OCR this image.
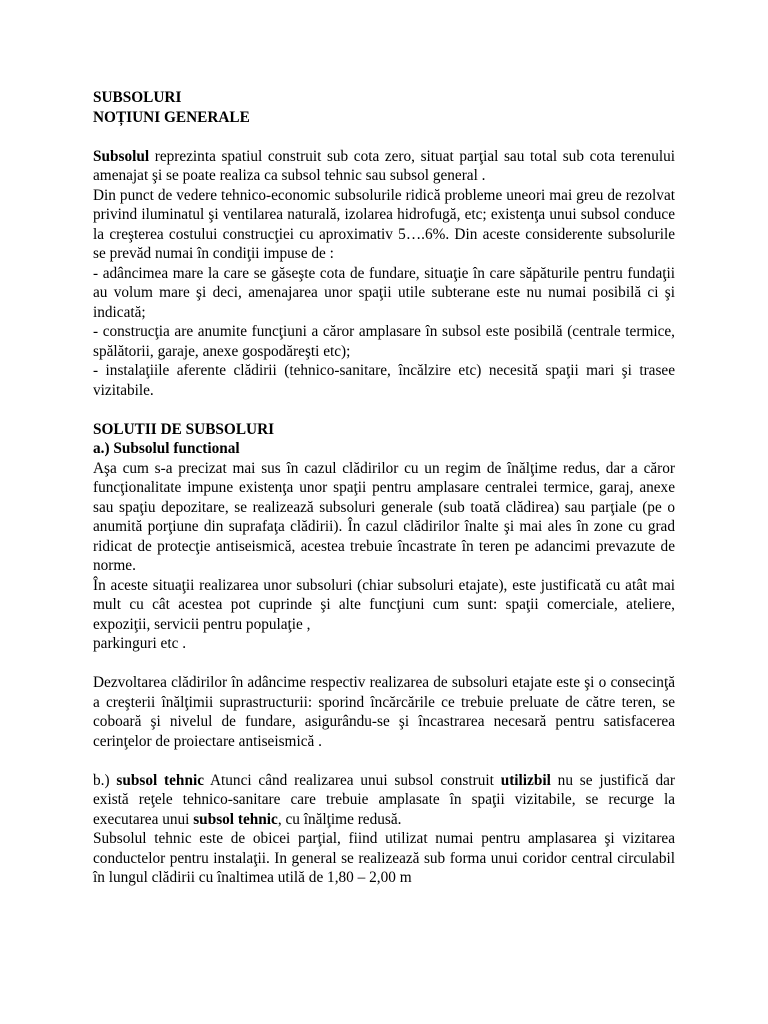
SUBSOLURI

NOȚIUNI GENERALE

Subsolul reprezinta spatiul construit sub cota zero, situat parţial sau total sub cota terenului amenajat şi se poate realiza ca subsol tehnic sau subsol general .

Din punct de vedere tehnico-economic subsolurile ridică probleme uneori mai greu de rezolvat privind iluminatul şi ventilarea naturală, izolarea hidrofugă, etc; existenţa unui subsol conduce la creşterea costului construcţiei cu aproximativ 5….6%. Din aceste considerente subsolurile se prevăd numai în condiţii impuse de :

- adâncimea mare la care se găseşte cota de fundare, situaţie în care săpăturile pentru fundaţii au volum mare şi deci, amenajarea unor spaţii utile subterane este nu numai posibilă ci şi indicată;

- construcţia are anumite funcţiuni a căror amplasare în subsol este posibilă (centrale termice, spălătorii, garaje, anexe gospodăreşti etc);

- instalaţiile aferente clădirii (tehnico-sanitare, încălzire etc) necesită spaţii mari şi trasee vizitabile.

SOLUTII DE SUBSOLURI

a.) Subsolul functional

Aşa cum s-a precizat mai sus în cazul clădirilor cu un regim de înălţime redus, dar a căror funcţionalitate impune existenţa unor spaţii pentru amplasare centralei termice, garaj, anexe sau spaţiu depozitare, se realizează subsoluri generale (sub toată clădirea) sau parţiale (pe o anumită porţiune din suprafaţa clădirii). În cazul clădirilor înalte şi mai ales în zone cu grad ridicat de protecţie antiseismică, acestea trebuie încastrate în teren pe adancimi prevazute de norme.

În aceste situaţii realizarea unor subsoluri (chiar subsoluri etajate), este justificată cu atât mai mult cu cât acestea pot cuprinde şi alte funcţiuni cum sunt: spaţii comerciale, ateliere, expoziţii, servicii pentru populaţie ,

parkinguri etc .

Dezvoltarea clădirilor în adâncime respectiv realizarea de subsoluri etajate este şi o consecinţă a creşterii înălţimii suprastructurii: sporind încărcările ce trebuie preluate de către teren, se coboară şi nivelul de fundare, asigurându-se şi încastrarea necesară pentru satisfacerea cerinţelor de proiectare antiseismică .

b.) subsol tehnic Atunci când realizarea unui subsol construit utilizbil nu se justifică dar există reţele tehnico-sanitare care trebuie amplasate în spaţii vizitabile, se recurge la executarea unui subsol tehnic, cu înălţime redusă.

Subsolul tehnic este de obicei parţial, fiind utilizat numai pentru amplasarea şi vizitarea conductelor pentru instalaţii. In general se realizează sub forma unui coridor central circulabil în lungul clădirii cu înaltimea utilă de 1,80 – 2,00 m
